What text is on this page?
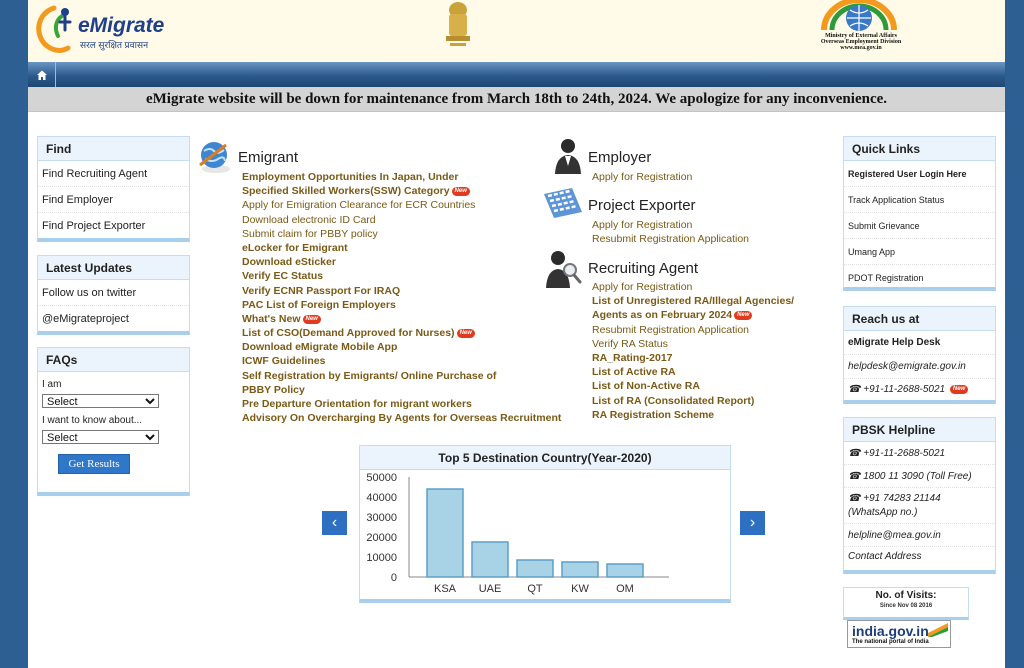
eMigrate
सरल सुरक्षित प्रवासन
Ministry of External Affairs
Overseas Employment Division
www.mea.gov.in
eMigrate website will be down for maintenance from March 18th to 24th, 2024. We apologize for any inconvenience.
Find
Find Recruiting Agent
Find Employer
Find Project Exporter
Latest Updates
Follow us on twitter
@eMigrateproject
FAQs
I am
Select
I want to know about...
Select
Get Results
Emigrant
Employment Opportunities In Japan, Under
Specified Skilled Workers(SSW) Category New
Apply for Emigration Clearance for ECR Countries
Download electronic ID Card
Submit claim for PBBY policy
eLocker for Emigrant
Download eSticker
Verify EC Status
Verify ECNR Passport For IRAQ
PAC List of Foreign Employers
What's New New
List of CSO(Demand Approved for Nurses) New
Download eMigrate Mobile App
ICWF Guidelines
Self Registration by Emigrants/ Online Purchase of
PBBY Policy
Pre Departure Orientation for migrant workers
Advisory On Overcharging By Agents for Overseas Recruitment
Employer
Apply for Registration
Project Exporter
Apply for Registration
Resubmit Registration Application
Recruiting Agent
Apply for Registration
List of Unregistered RA/Illegal Agencies/
Agents as on February 2024 New
Resubmit Registration Application
Verify RA Status
RA_Rating-2017
List of Active RA
List of Non-Active RA
List of RA (Consolidated Report)
RA Registration Scheme
‹	›
Top 5 Destination Country(Year-2020)
0
10000
20000
30000
40000
50000
KSA UAE QT	KW OM
Quick Links
Registered User Login Here
Track Application Status
Submit Grievance
Umang App
PDOT Registration
Reach us at
eMigrate Help Desk
helpdesk@emigrate.gov.in
☎ +91-11-2688-5021 New
PBSK Helpline
☎ +91-11-2688-5021
☎ 1800 11 3090 (Toll Free)
☎ +91 74283 21144
(WhatsApp no.)
helpline@mea.gov.in
Contact Address
No. of Visits:
Since Nov 08 2016
india.gov.in
The national portal of India
